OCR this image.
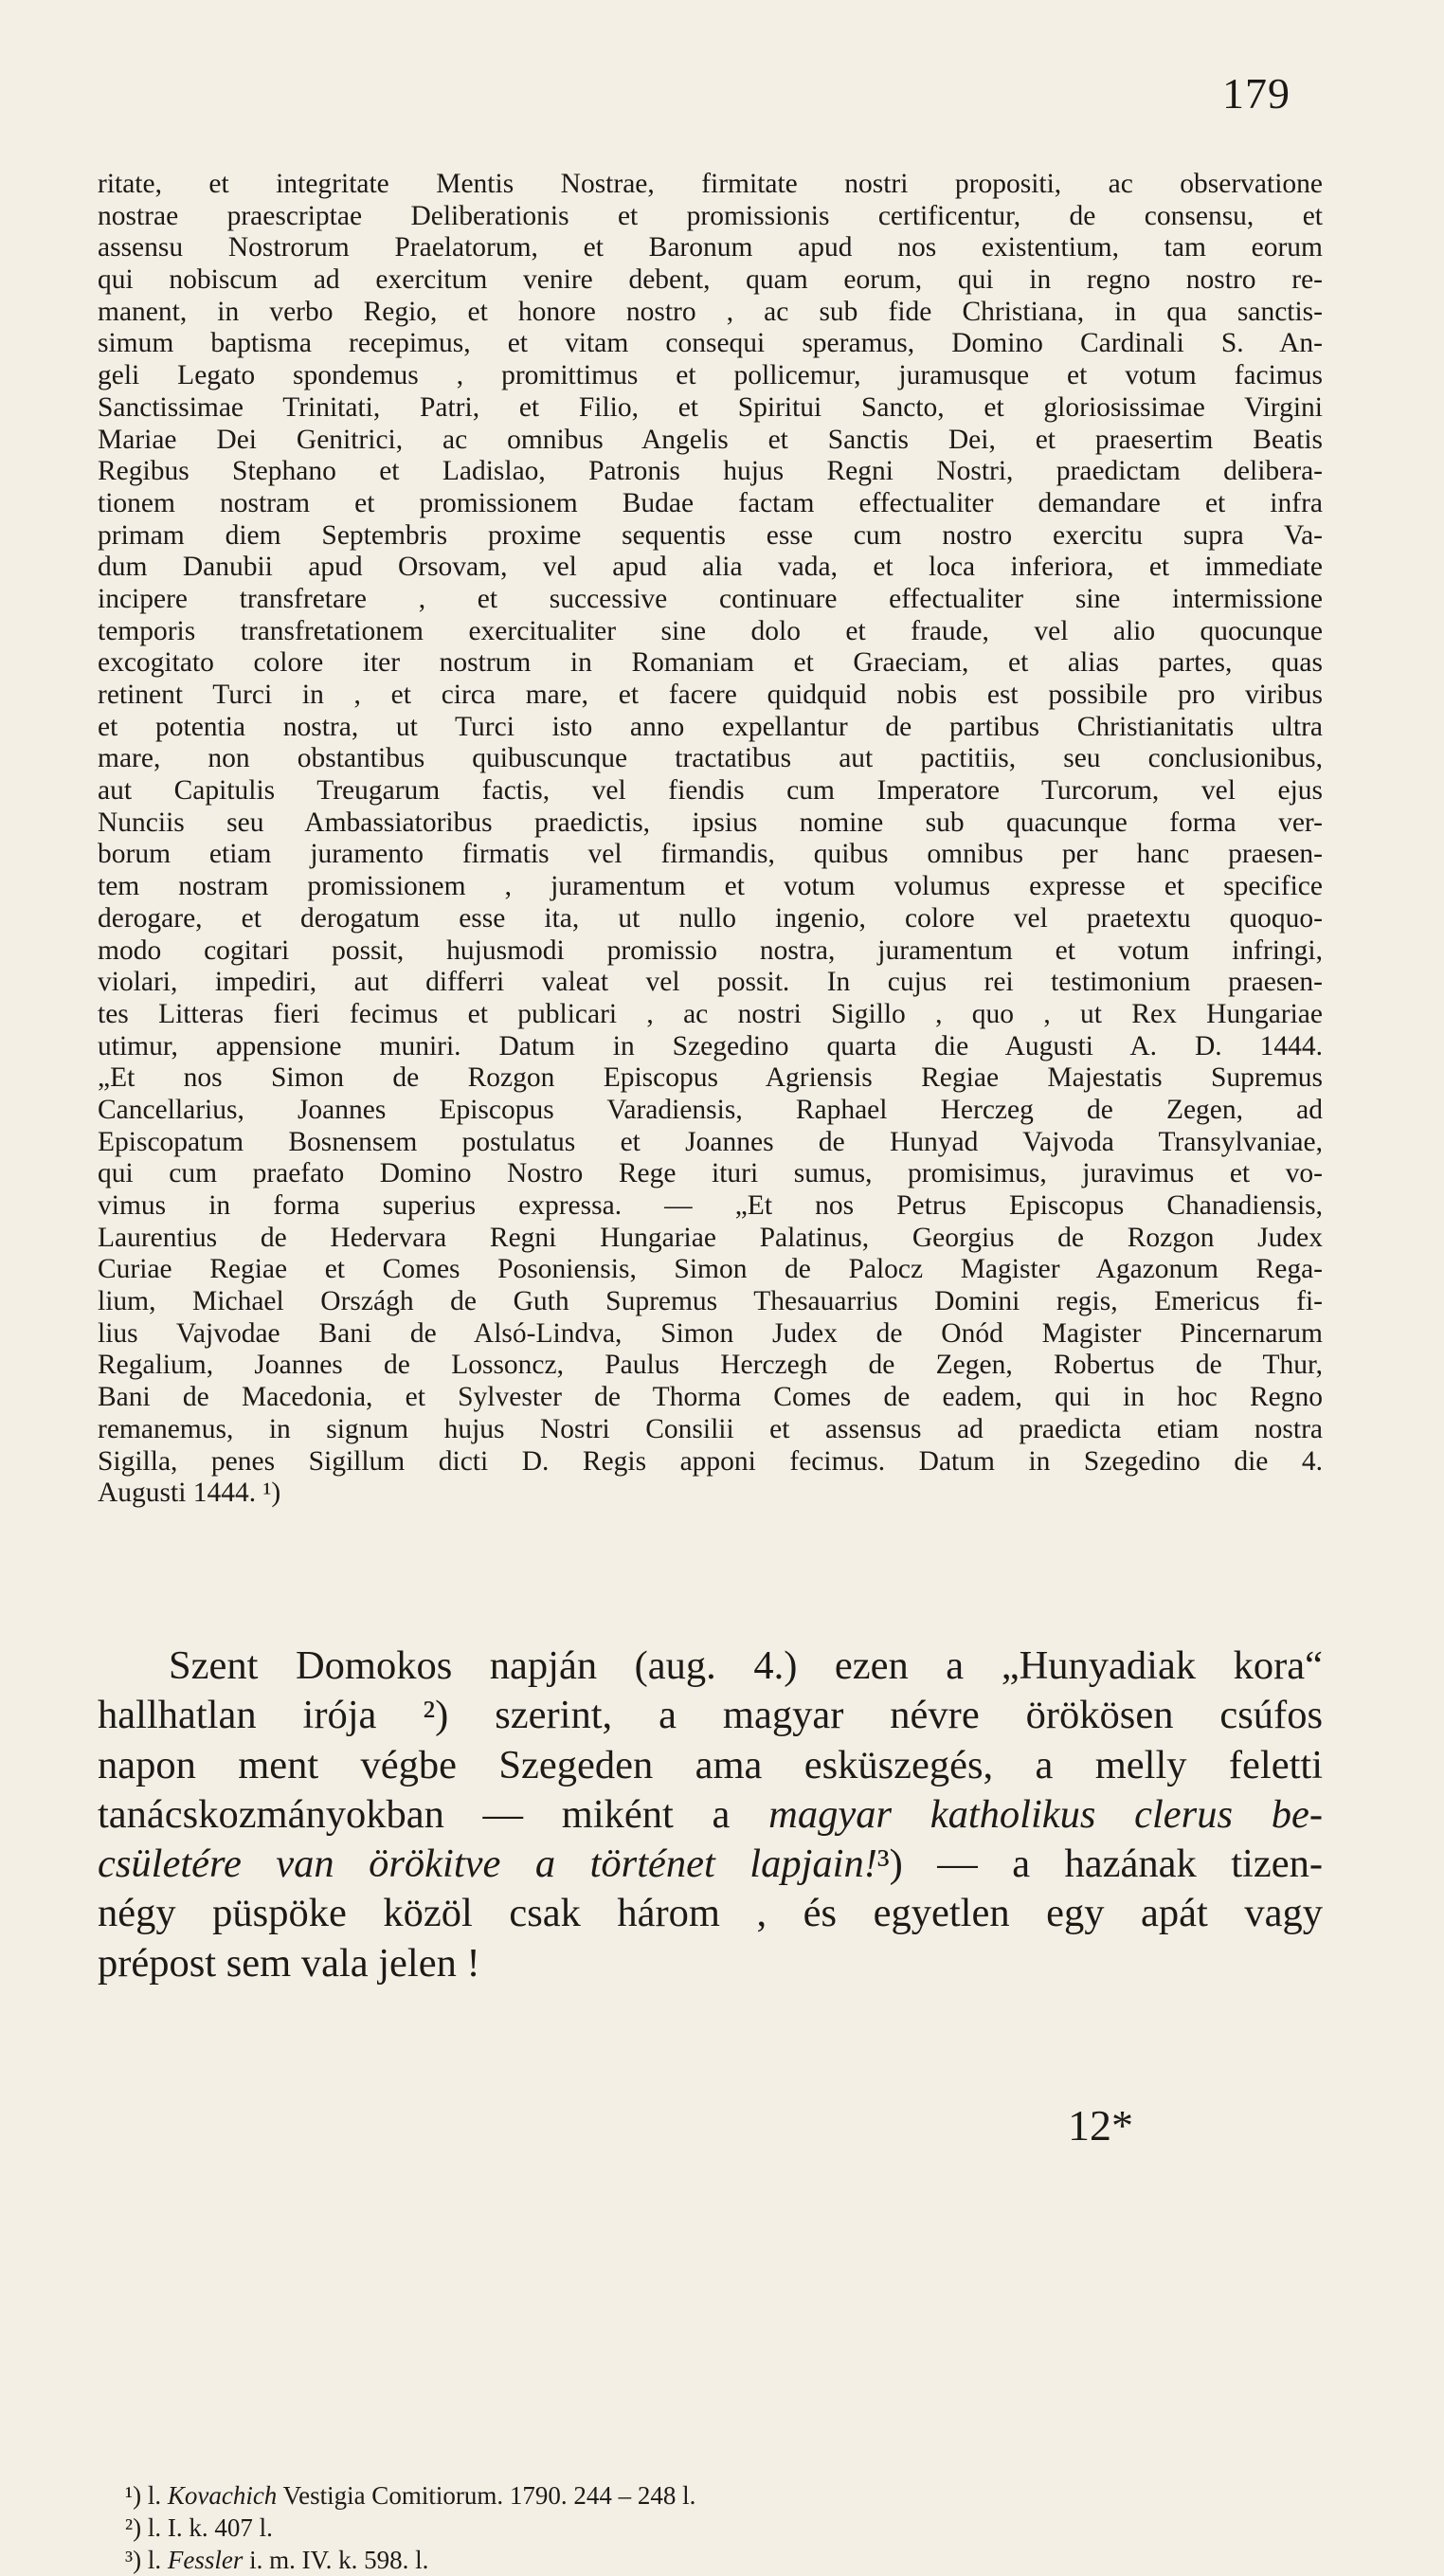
179
ritate, et integritate Mentis Nostrae, firmitate nostri propositi, ac observatione
nostrae praescriptae Deliberationis et promissionis certificentur, de consensu, et
assensu Nostrorum Praelatorum, et Baronum apud nos existentium, tam eorum
qui nobiscum ad exercitum venire debent, quam eorum, qui in regno nostro re-
manent, in verbo Regio, et honore nostro , ac sub fide Christiana, in qua sanctis-
simum baptisma recepimus, et vitam consequi speramus, Domino Cardinali S. An-
geli Legato spondemus , promittimus et pollicemur, juramusque et votum facimus
Sanctissimae Trinitati, Patri, et Filio, et Spiritui Sancto, et gloriosissimae Virgini
Mariae Dei Genitrici, ac omnibus Angelis et Sanctis Dei, et praesertim Beatis
Regibus Stephano et Ladislao, Patronis hujus Regni Nostri, praedictam delibera-
tionem nostram et promissionem Budae factam effectualiter demandare et infra
primam diem Septembris proxime sequentis esse cum nostro exercitu supra Va-
dum Danubii apud Orsovam, vel apud alia vada, et loca inferiora, et immediate
incipere transfretare , et successive continuare effectualiter sine intermissione
temporis transfretationem exercitualiter sine dolo et fraude, vel alio quocunque
excogitato colore iter nostrum in Romaniam et Graeciam, et alias partes, quas
retinent Turci in , et circa mare, et facere quidquid nobis est possibile pro viribus
et potentia nostra, ut Turci isto anno expellantur de partibus Christianitatis ultra
mare, non obstantibus quibuscunque tractatibus aut pactitiis, seu conclusionibus,
aut Capitulis Treugarum factis, vel fiendis cum Imperatore Turcorum, vel ejus
Nunciis seu Ambassiatoribus praedictis, ipsius nomine sub quacunque forma ver-
borum etiam juramento firmatis vel firmandis, quibus omnibus per hanc praesen-
tem nostram promissionem , juramentum et votum volumus expresse et specifice
derogare, et derogatum esse ita, ut nullo ingenio, colore vel praetextu quoquo-
modo cogitari possit, hujusmodi promissio nostra, juramentum et votum infringi,
violari, impediri, aut differri valeat vel possit. In cujus rei testimonium praesen-
tes Litteras fieri fecimus et publicari , ac nostri Sigillo , quo , ut Rex Hungariae
utimur, appensione muniri. Datum in Szegedino quarta die Augusti A. D. 1444.
„Et nos Simon de Rozgon Episcopus Agriensis Regiae Majestatis Supremus
Cancellarius, Joannes Episcopus Varadiensis, Raphael Herczeg de Zegen, ad
Episcopatum Bosnensem postulatus et Joannes de Hunyad Vajvoda Transylvaniae,
qui cum praefato Domino Nostro Rege ituri sumus, promisimus, juravimus et vo-
vimus in forma superius expressa. — „Et nos Petrus Episcopus Chanadiensis,
Laurentius de Hedervara Regni Hungariae Palatinus, Georgius de Rozgon Judex
Curiae Regiae et Comes Posoniensis, Simon de Palocz Magister Agazonum Rega-
lium, Michael Országh de Guth Supremus Thesauarrius Domini regis, Emericus fi-
lius Vajvodae Bani de Alsó-Lindva, Simon Judex de Onód Magister Pincernarum
Regalium, Joannes de Lossoncz, Paulus Herczegh de Zegen, Robertus de Thur,
Bani de Macedonia, et Sylvester de Thorma Comes de eadem, qui in hoc Regno
remanemus, in signum hujus Nostri Consilii et assensus ad praedicta etiam nostra
Sigilla, penes Sigillum dicti D. Regis apponi fecimus. Datum in Szegedino die 4.
Augusti 1444. ¹)
Szent Domokos napján (aug. 4.) ezen a „Hunyadiak kora“
hallhatlan irója ²) szerint, a magyar névre örökösen csúfos
napon ment végbe Szegeden ama esküszegés, a melly feletti
tanácskozmányokban — miként a magyar katholikus clerus be-
csületére van örökitve a történet lapjain!³) — a hazának tizen-
négy püspöke közöl csak három , és egyetlen egy apát vagy
prépost sem vala jelen !
¹) l. Kovachich Vestigia Comitiorum. 1790. 244 – 248 l.
²) l. I. k. 407 l.
³) l. Fessler i. m. IV. k. 598. l.
12*
